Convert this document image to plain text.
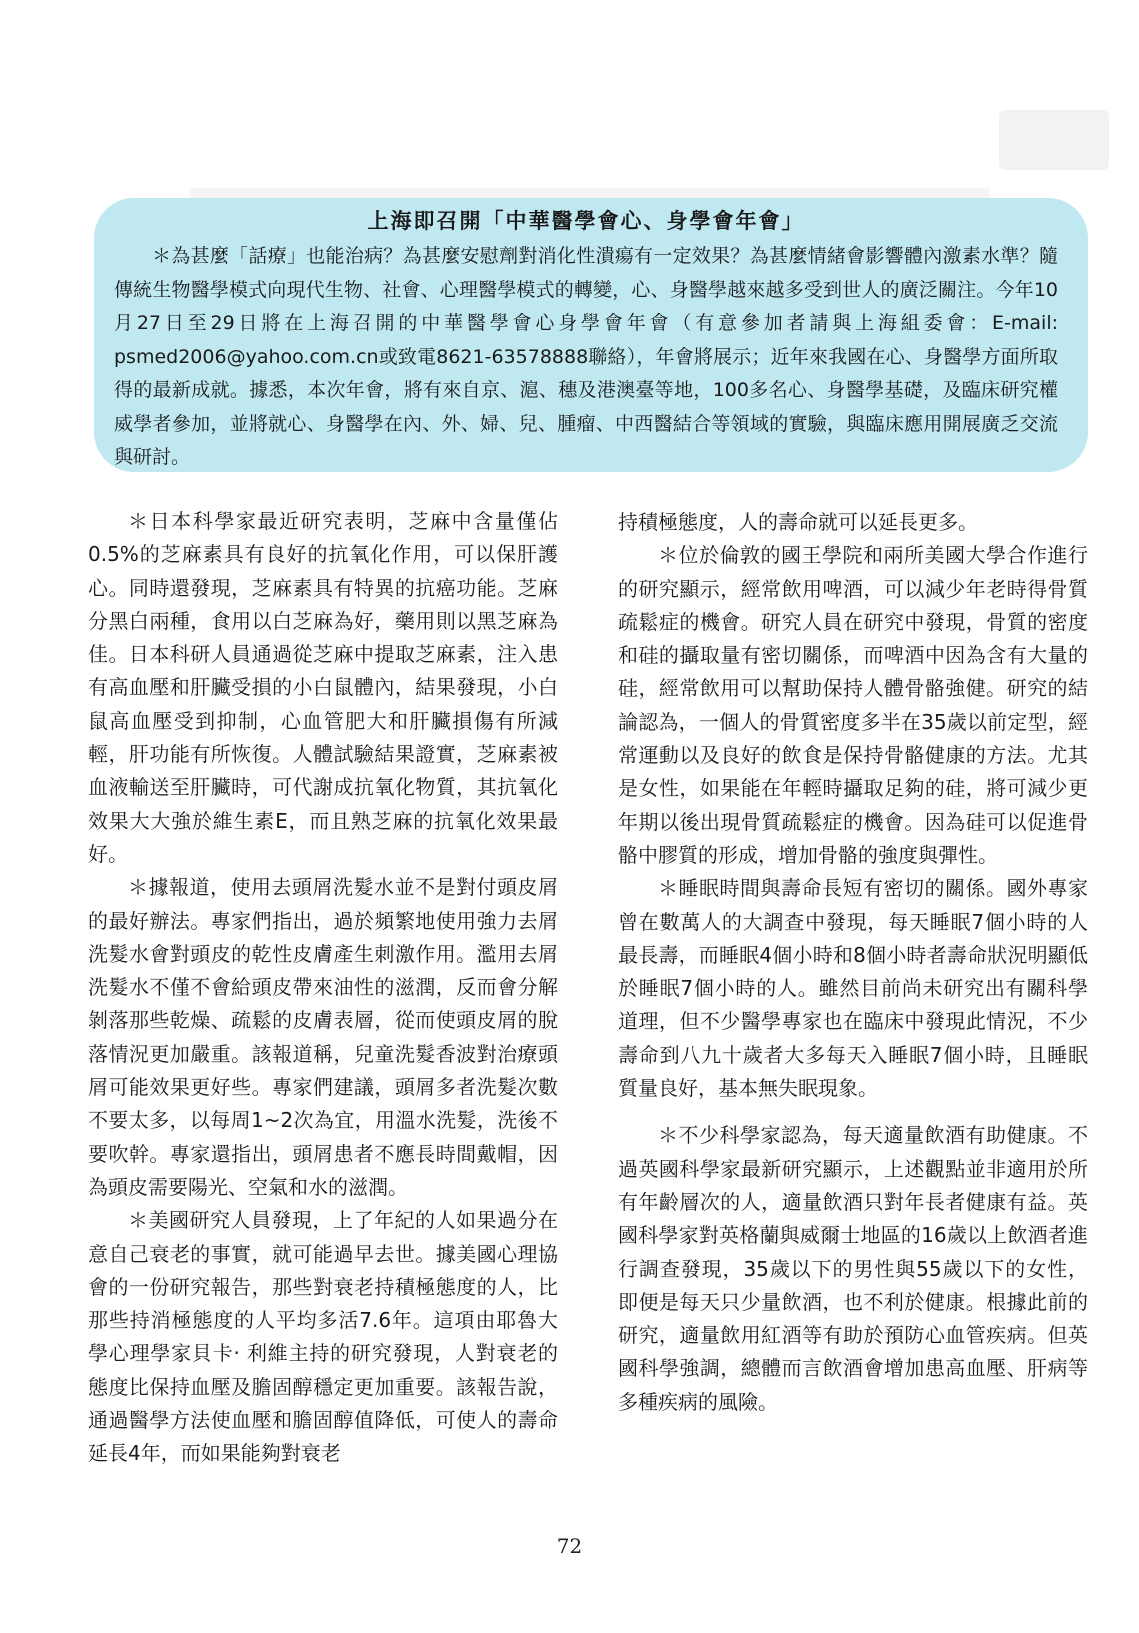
上海即召開「中華醫學會心、身學會年會」

＊為甚麼「話療」也能治病？為甚麼安慰劑對消化性潰瘍有一定效果？為甚麼情緒會影響體內激素水準？隨傳統生物醫學模式向現代生物、社會、心理醫學模式的轉變，心、身醫學越來越多受到世人的廣泛關注。今年10月27日至29日將在上海召開的中華醫學會心身學會年會（有意參加者請與上海組委會：E-mail: psmed2006@yahoo.com.cn或致電8621-63578888聯絡），年會將展示；近年來我國在心、身醫學方面所取得的最新成就。據悉，本次年會，將有來自京、滬、穗及港澳臺等地，100多名心、身醫學基礎，及臨床研究權威學者參加，並將就心、身醫學在內、外、婦、兒、腫瘤、中西醫結合等領域的實驗，與臨床應用開展廣乏交流與研討。

＊日本科學家最近研究表明，芝麻中含量僅佔0.5%的芝麻素具有良好的抗氧化作用，可以保肝護心。同時還發現，芝麻素具有特異的抗癌功能。芝麻分黑白兩種，食用以白芝麻為好，藥用則以黑芝麻為佳。日本科研人員通過從芝麻中提取芝麻素，注入患有高血壓和肝臟受損的小白鼠體內，結果發現，小白鼠高血壓受到抑制，心血管肥大和肝臟損傷有所減輕，肝功能有所恢復。人體試驗結果證實，芝麻素被血液輸送至肝臟時，可代謝成抗氧化物質，其抗氧化效果大大強於維生素E，而且熟芝麻的抗氧化效果最好。

＊據報道，使用去頭屑洗髮水並不是對付頭皮屑的最好辦法。專家們指出，過於頻繁地使用強力去屑洗髮水會對頭皮的乾性皮膚產生刺激作用。濫用去屑洗髮水不僅不會給頭皮帶來油性的滋潤，反而會分解剝落那些乾燥、疏鬆的皮膚表層，從而使頭皮屑的脫落情況更加嚴重。該報道稱，兒童洗髮香波對治療頭屑可能效果更好些。專家們建議，頭屑多者洗髮次數不要太多，以每周1~2次為宜，用溫水洗髮，洗後不要吹幹。專家還指出，頭屑患者不應長時間戴帽，因為頭皮需要陽光、空氣和水的滋潤。

＊美國研究人員發現，上了年紀的人如果過分在意自己衰老的事實，就可能過早去世。據美國心理協會的一份研究報告，那些對衰老持積極態度的人，比那些持消極態度的人平均多活7.6年。這項由耶魯大學心理學家貝卡· 利維主持的研究發現，人對衰老的態度比保持血壓及膽固醇穩定更加重要。該報告說，通過醫學方法使血壓和膽固醇值降低，可使人的壽命延長4年，而如果能夠對衰老

持積極態度，人的壽命就可以延長更多。

＊位於倫敦的國王學院和兩所美國大學合作進行的研究顯示，經常飲用啤酒，可以減少年老時得骨質疏鬆症的機會。研究人員在研究中發現，骨質的密度和硅的攝取量有密切關係，而啤酒中因為含有大量的硅，經常飲用可以幫助保持人體骨骼強健。研究的結論認為，一個人的骨質密度多半在35歲以前定型，經常運動以及良好的飲食是保持骨骼健康的方法。尤其是女性，如果能在年輕時攝取足夠的硅，將可減少更年期以後出現骨質疏鬆症的機會。因為硅可以促進骨骼中膠質的形成，增加骨骼的強度與彈性。

＊睡眠時間與壽命長短有密切的關係。國外專家曾在數萬人的大調查中發現，每天睡眠7個小時的人最長壽，而睡眠4個小時和8個小時者壽命狀況明顯低於睡眠7個小時的人。雖然目前尚未研究出有關科學道理，但不少醫學專家也在臨床中發現此情況，不少壽命到八九十歲者大多每天入睡眠7個小時，且睡眠質量良好，基本無失眠現象。

＊不少科學家認為，每天適量飲酒有助健康。不過英國科學家最新研究顯示，上述觀點並非適用於所有年齡層次的人，適量飲酒只對年長者健康有益。英國科學家對英格蘭與威爾士地區的16歲以上飲酒者進行調查發現，35歲以下的男性與55歲以下的女性，即便是每天只少量飲酒，也不利於健康。根據此前的研究，適量飲用紅酒等有助於預防心血管疾病。但英國科學強調，總體而言飲酒會增加患高血壓、肝病等多種疾病的風險。

72
